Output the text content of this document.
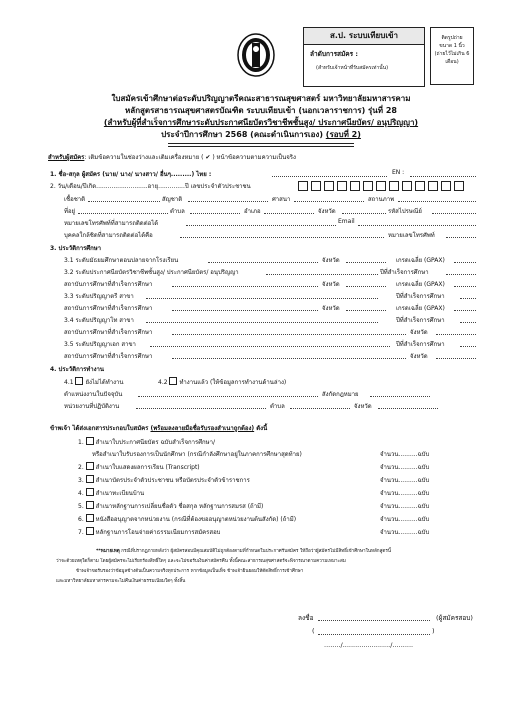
ส.ป. ระบบเทียบเข้า
ลำดับการสมัคร :
(สำหรับเจ้าหน้าที่รับสมัครเท่านั้น)
ติดรูปถ่าย
ขนาด 1 นิ้ว
(ถ่ายไว้ไม่เกิน 6
เดือน)
ใบสมัครเข้าศึกษาต่อระดับปริญญาตรีคณะสาธารณสุขศาสตร์ มหาวิทยาลัยมหาสารคาม
หลักสูตรสาธารณสุขศาสตรบัณฑิต ระบบเทียบเข้า (นอกเวลาราชการ) รุ่นที่ 28
(สำหรับผู้ที่สำเร็จการศึกษาระดับประกาศนียบัตรวิชาชีพชั้นสูง/ ประกาศนียบัตร/ อนุปริญญา)
ประจำปีการศึกษา 2568 (คณะดำเนินการเอง) (รอบที่ 2)
สำหรับผู้สมัคร: เติมข้อความในช่องว่างและเติมเครื่องหมาย ( ✔ ) หน้าข้อความตามความเป็นจริง
1. ชื่อ-สกุล ผู้สมัคร (นาย/ นาง/ นางสาว/ อื่นๆ.........) ไทย :	EN :
2. วัน/เดือน/ปีเกิด...........................อายุ..............ปี เลขประจำตัวประชาชน
เชื้อชาติ	สัญชาติ	ศาสนา	สถานภาพ
ที่อยู่	ตำบล	อำเภอ	จังหวัด	รหัสไปรษณีย์
หมายเลขโทรศัพท์ที่สามารถติดต่อได้	Email
บุคคลใกล้ชิดที่สามารถติดต่อได้คือ	หมายเลขโทรศัพท์
3. ประวัติการศึกษา
3.1 ระดับมัธยมศึกษาตอนปลายจากโรงเรียน	จังหวัด	เกรดเฉลี่ย (GPAX)
3.2 ระดับประกาศนียบัตรวิชาชีพชั้นสูง/ ประกาศนียบัตร/ อนุปริญญา	ปีที่สำเร็จการศึกษา
สถาบันการศึกษาที่สำเร็จการศึกษา	จังหวัด	เกรดเฉลี่ย (GPAX)
3.3 ระดับปริญญาตรี สาขา	ปีที่สำเร็จการศึกษา
สถาบันการศึกษาที่สำเร็จการศึกษา	จังหวัด	เกรดเฉลี่ย (GPAX)
3.4 ระดับปริญญาโท สาขา	ปีที่สำเร็จการศึกษา
สถาบันการศึกษาที่สำเร็จการศึกษา	จังหวัด
3.5 ระดับปริญญาเอก สาขา	ปีที่สำเร็จการศึกษา
สถาบันการศึกษาที่สำเร็จการศึกษา	จังหวัด
4. ประวัติการทำงาน
4.1 ยังไม่ได้ทำงาน	4.2 ทำงานแล้ว (ให้ข้อมูลการทำงานด้านล่าง)
ตำแหน่งงานในปัจจุบัน	สังกัดกฎหมาย
หน่วยงานที่ปฏิบัติงาน	ตำบล	จังหวัด
ข้าพเจ้า ได้ส่งเอกสารประกอบใบสมัคร (พร้อมลงลายมือชื่อรับรองสำเนาถูกต้อง) ดังนี้
1. สำเนาใบประกาศนียบัตร ฉบับสำเร็จการศึกษา/
หรือสำเนาใบรับรองการเป็นนักศึกษา (กรณีกำลังศึกษาอยู่ในภาคการศึกษาสุดท้าย)	จำนวน..........ฉบับ
2. สำเนาใบแสดงผลการเรียน (Transcript)	จำนวน..........ฉบับ
3. สำเนาบัตรประจำตัวประชาชน หรือบัตรประจำตัวข้าราชการ	จำนวน..........ฉบับ
4. สำเนาทะเบียนบ้าน	จำนวน..........ฉบับ
5. สำเนาหลักฐานการเปลี่ยนชื่อตัว ชื่อสกุล หลักฐานการสมรส (ถ้ามี)	จำนวน..........ฉบับ
6. หนังสืออนุญาตจากหน่วยงาน (กรณีที่ต้องขออนุญาตหน่วยงานต้นสังกัด) (ถ้ามี)	จำนวน..........ฉบับ
7. หลักฐานการโอนจ่ายค่าธรรมเนียมการสมัครสอบ	จำนวน..........ฉบับ
**หมายเหตุ กรณีที่ปรากฏภายหลังว่า ผู้สมัครสอบมีคุณสมบัติไม่ถูกต้องตามที่กำหนดในประกาศรับสมัคร ให้ถือว่าผู้สมัครไม่มีสิทธิ์เข้าศึกษาในหลักสูตรนี้
ว่าจะด้วยเหตุใดก็ตาม โดยผู้สมัครจะไม่เรียกร้องสิทธิ์ใดๆ และจะไม่ขอรับเงินค่าสมัครคืน ทั้งนี้คณะสาธารณสุขศาสตร์จะพิจารณาตามความเหมาะสม
ข้าพเจ้าขอรับรองว่าข้อมูลข้างต้นเป็นความจริงทุกประการ หากข้อมูลเป็นเท็จ ข้าพเจ้ายินยอมให้ตัดสิทธิ์การเข้าศึกษา
และมหาวิทยาลัยมหาสารคามจะไม่คืนเงินค่าธรรมเนียมใดๆ ทั้งสิ้น
ลงชื่อ	(ผู้สมัครสอบ)
(	)
......../......................./..........
